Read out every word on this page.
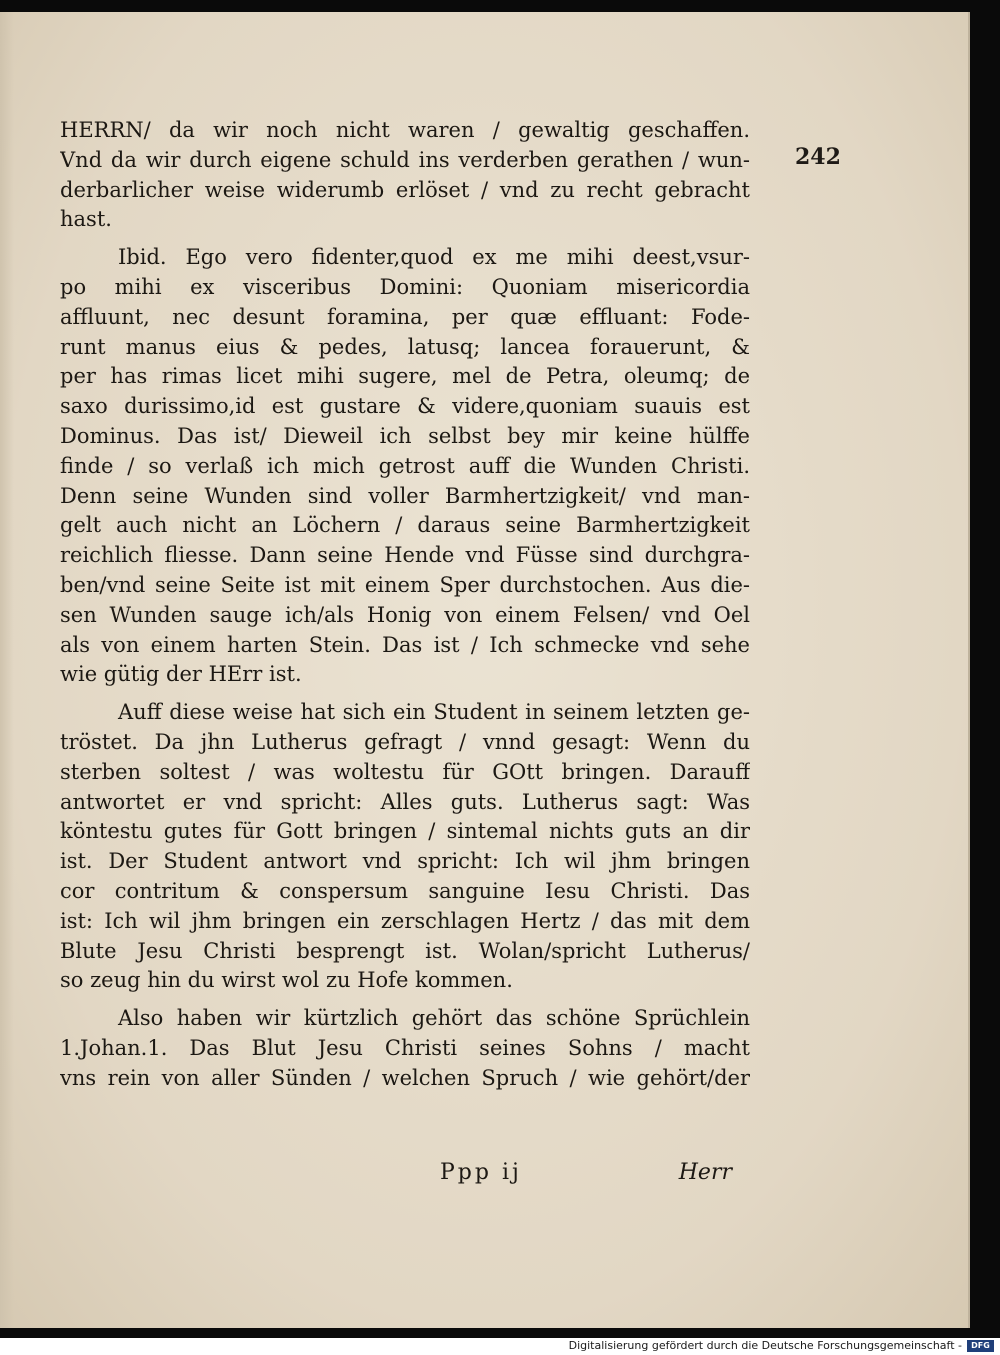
242
HERRN/ da wir noch nicht waren / gewaltig geschaffen.
Vnd da wir durch eigene schuld ins verderben gerathen / wun-
derbarlicher weise widerumb erlöset / vnd zu recht gebracht
hast.
Ibid. Ego vero fidenter,quod ex me mihi deest,vsur-
po mihi ex visceribus Domini: Quoniam misericordia
affluunt, nec desunt foramina, per quæ effluant: Fode-
runt manus eius & pedes, latusq; lancea forauerunt, &
per has rimas licet mihi sugere, mel de Petra, oleumq; de
saxo durissimo,id est gustare & videre,quoniam suauis est
Dominus. Das ist/ Dieweil ich selbst bey mir keine hülffe
finde / so verlaß ich mich getrost auff die Wunden Christi.
Denn seine Wunden sind voller Barmhertzigkeit/ vnd man-
gelt auch nicht an Löchern / daraus seine Barmhertzigkeit
reichlich fliesse. Dann seine Hende vnd Füsse sind durchgra-
ben/vnd seine Seite ist mit einem Sper durchstochen. Aus die-
sen Wunden sauge ich/als Honig von einem Felsen/ vnd Oel
als von einem harten Stein. Das ist / Ich schmecke vnd sehe
wie gütig der HErr ist.
Auff diese weise hat sich ein Student in seinem letzten ge-
tröstet. Da jhn Lutherus gefragt / vnnd gesagt: Wenn du
sterben soltest / was woltestu für GOtt bringen. Darauff
antwortet er vnd spricht: Alles guts. Lutherus sagt: Was
köntestu gutes für Gott bringen / sintemal nichts guts an dir
ist. Der Student antwort vnd spricht: Ich wil jhm bringen
cor contritum & conspersum sanguine Iesu Christi. Das
ist: Ich wil jhm bringen ein zerschlagen Hertz / das mit dem
Blute Jesu Christi besprengt ist. Wolan/spricht Lutherus/
so zeug hin du wirst wol zu Hofe kommen.
Also haben wir kürtzlich gehört das schöne Sprüchlein
1.Johan.1. Das Blut Jesu Christi seines Sohns / macht
vns rein von aller Sünden / welchen Spruch / wie gehört/der
Ppp ij	Herr
Digitalisierung gefördert durch die Deutsche Forschungsgemeinschaft -	DFG
